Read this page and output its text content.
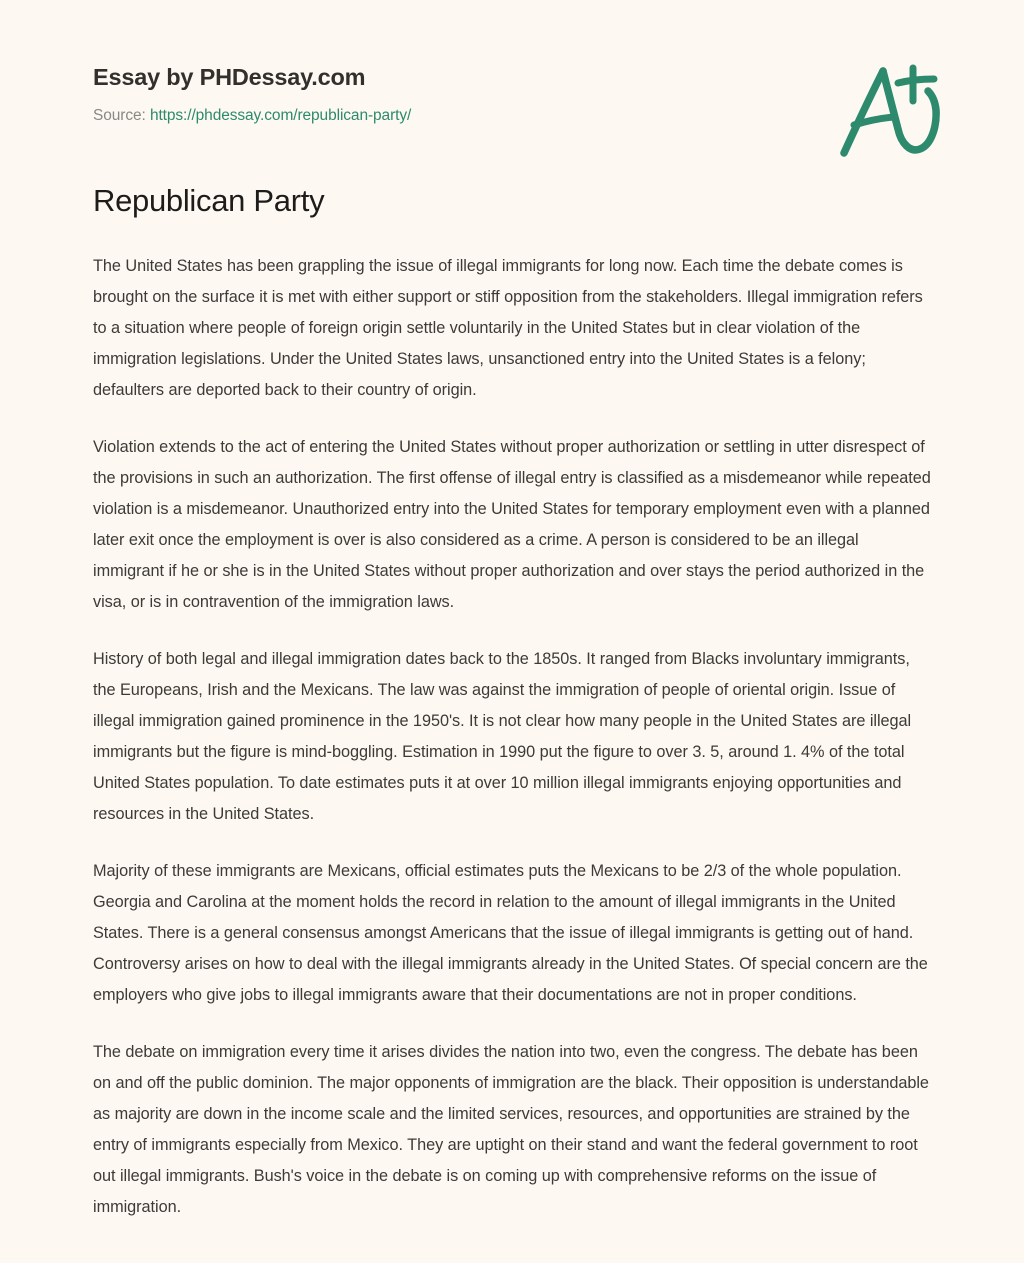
Essay by PHDessay.com
Source: https://phdessay.com/republican-party/
Republican Party

The United States has been grappling the issue of illegal immigrants for long now. Each time the debate comes is brought on the surface it is met with either support or stiff opposition from the stakeholders. Illegal immigration refers to a situation where people of foreign origin settle voluntarily in the United States but in clear violation of the immigration legislations. Under the United States laws, unsanctioned entry into the United States is a felony; defaulters are deported back to their country of origin.

Violation extends to the act of entering the United States without proper authorization or settling in utter disrespect of the provisions in such an authorization. The first offense of illegal entry is classified as a misdemeanor while repeated violation is a misdemeanor. Unauthorized entry into the United States for temporary employment even with a planned later exit once the employment is over is also considered as a crime. A person is considered to be an illegal immigrant if he or she is in the United States without proper authorization and over stays the period authorized in the visa, or is in contravention of the immigration laws.

History of both legal and illegal immigration dates back to the 1850s. It ranged from Blacks involuntary immigrants, the Europeans, Irish and the Mexicans. The law was against the immigration of people of oriental origin. Issue of illegal immigration gained prominence in the 1950's. It is not clear how many people in the United States are illegal immigrants but the figure is mind-boggling. Estimation in 1990 put the figure to over 3. 5, around 1. 4% of the total United States population. To date estimates puts it at over 10 million illegal immigrants enjoying opportunities and resources in the United States.

Majority of these immigrants are Mexicans, official estimates puts the Mexicans to be 2/3 of the whole population. Georgia and Carolina at the moment holds the record in relation to the amount of illegal immigrants in the United States. There is a general consensus amongst Americans that the issue of illegal immigrants is getting out of hand. Controversy arises on how to deal with the illegal immigrants already in the United States. Of special concern are the employers who give jobs to illegal immigrants aware that their documentations are not in proper conditions.

The debate on immigration every time it arises divides the nation into two, even the congress. The debate has been on and off the public dominion. The major opponents of immigration are the black. Their opposition is understandable as majority are down in the income scale and the limited services, resources, and opportunities are strained by the entry of immigrants especially from Mexico. They are uptight on their stand and want the federal government to root out illegal immigrants. Bush's voice in the debate is on coming up with comprehensive reforms on the issue of immigration.
